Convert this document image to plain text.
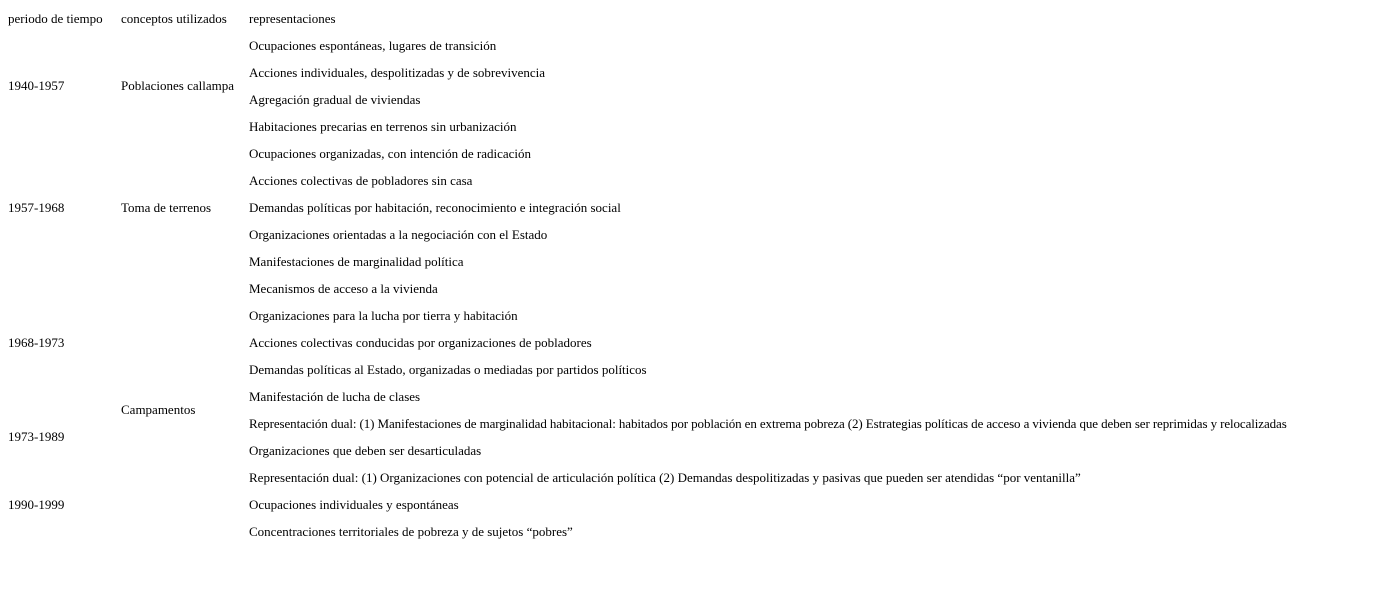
periodo de tiempo conceptos utilizados representaciones
1940-1957
1957-1968
1968-1973
1973-1989
1990-1999
Poblaciones callampa
Toma de terrenos
Campamentos
Ocupaciones espontáneas, lugares de transición
Acciones individuales, despolitizadas y de sobrevivencia
Agregación gradual de viviendas
Habitaciones precarias en terrenos sin urbanización
Ocupaciones organizadas, con intención de radicación
Acciones colectivas de pobladores sin casa
Demandas políticas por habitación, reconocimiento e integración social
Organizaciones orientadas a la negociación con el Estado
Manifestaciones de marginalidad política
Mecanismos de acceso a la vivienda
Organizaciones para la lucha por tierra y habitación
Acciones colectivas conducidas por organizaciones de pobladores
Demandas políticas al Estado, organizadas o mediadas por partidos políticos
Manifestación de lucha de clases
Representación dual: (1) Manifestaciones de marginalidad habitacional: habitados por población en extrema pobreza (2) Estrategias políticas de acceso a vivienda que deben ser reprimidas y relocalizadas
Organizaciones que deben ser desarticuladas
Representación dual: (1) Organizaciones con potencial de articulación política (2) Demandas despolitizadas y pasivas que pueden ser atendidas “por ventanilla”
Ocupaciones individuales y espontáneas
Concentraciones territoriales de pobreza y de sujetos “pobres”
